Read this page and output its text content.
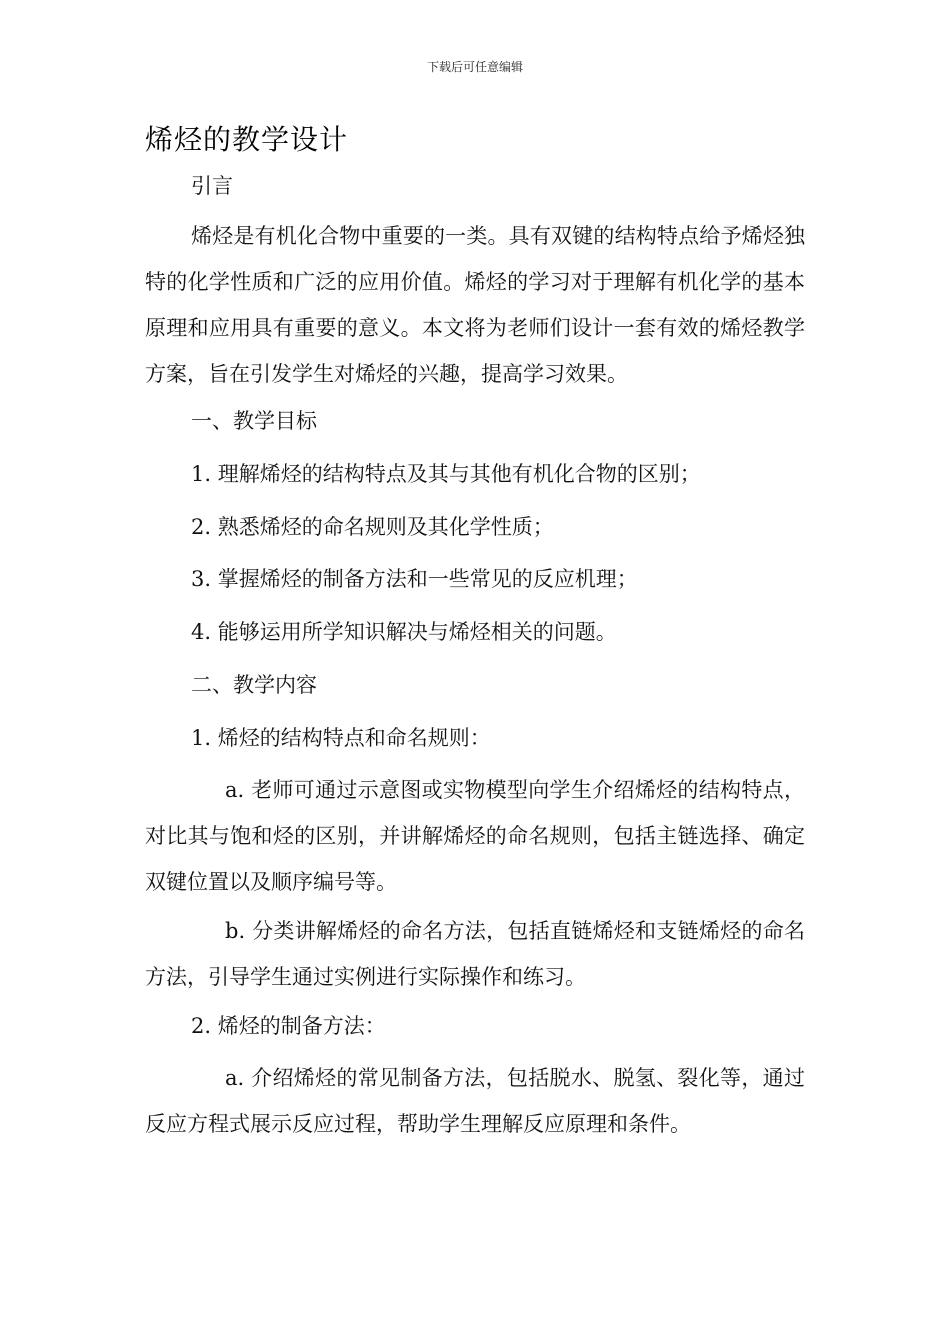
下载后可任意编辑
烯烃的教学设计

引言

烯烃是有机化合物中重要的一类。具有双键的结构特点给予烯烃独特的化学性质和广泛的应用价值。烯烃的学习对于理解有机化学的基本原理和应用具有重要的意义。本文将为老师们设计一套有效的烯烃教学方案，旨在引发学生对烯烃的兴趣，提高学习效果。

一、教学目标

1. 理解烯烃的结构特点及其与其他有机化合物的区别；

2. 熟悉烯烃的命名规则及其化学性质；

3. 掌握烯烃的制备方法和一些常见的反应机理；

4. 能够运用所学知识解决与烯烃相关的问题。

二、教学内容

1. 烯烃的结构特点和命名规则：

a. 老师可通过示意图或实物模型向学生介绍烯烃的结构特点，对比其与饱和烃的区别，并讲解烯烃的命名规则，包括主链选择、确定双键位置以及顺序编号等。

b. 分类讲解烯烃的命名方法，包括直链烯烃和支链烯烃的命名方法，引导学生通过实例进行实际操作和练习。

2. 烯烃的制备方法：

a. 介绍烯烃的常见制备方法，包括脱水、脱氢、裂化等，通过反应方程式展示反应过程，帮助学生理解反应原理和条件。
